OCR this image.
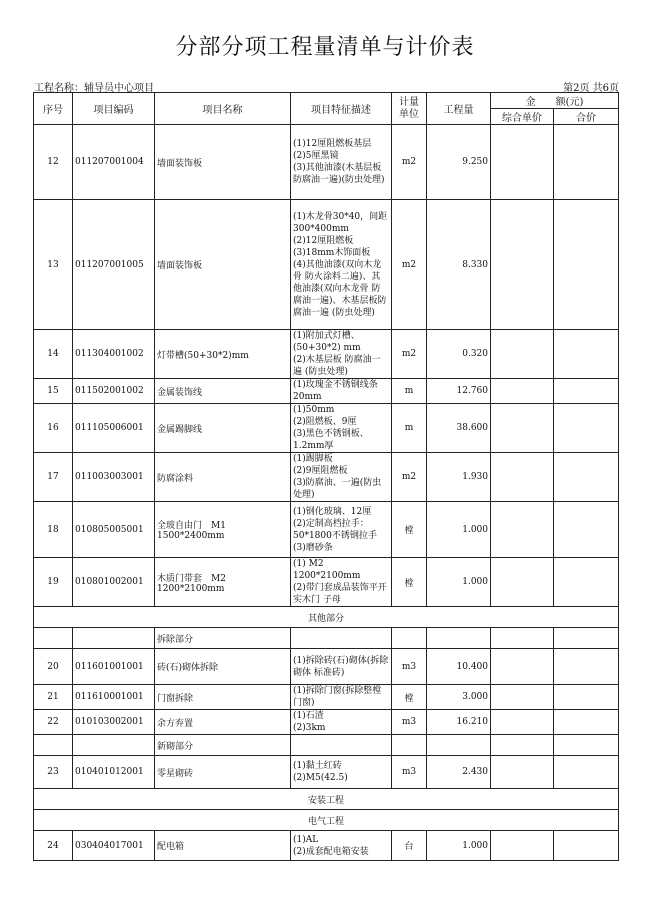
分部分项工程量清单与计价表
工程名称：辅导员中心项目	第2页 共6页
序号	项目编码	项目名称	项目特征描述	计量
单位	工程量	金　　额(元)	
						综合单价	合价
12	011207001004	墙面装饰板	(1)12厘阻燃板基层
(2)5厘黑镜
(3)其他油漆(木基层板防腐油一遍)(防虫处理)	m2	9.250		
13	011207001005	墙面装饰板	(1)木龙骨30*40，间距300*400mm
(2)12厘阻燃板
(3)18mm木饰面板
(4)其他油漆(双向木龙骨 防火涂料二遍)、其他油漆(双向木龙骨 防腐油一遍)、木基层板防腐油一遍 (防虫处理)	m2	8.330		
14	011304001002	灯带槽(50+30*2)mm	(1)附加式灯槽、(50+30*2) mm
(2)木基层板 防腐油一遍 (防虫处理)	m2	0.320		
15	011502001002	金属装饰线	(1)玫瑰金不锈钢线条20mm	m	12.760		
16	011105006001	金属踢脚线	(1)50mm
(2)阻燃板、9厘
(3)黑色不锈钢板、1.2mm厚	m	38.600		
17	011003003001	防腐涂料	(1)踢脚板
(2)9厘阻燃板
(3)防腐油、一遍(防虫处理)	m2	1.930		
18	010805005001	全玻自由门　M1 1500*2400mm	(1)钢化玻璃、12厘
(2)定制高档拉手：50*1800不锈钢拉手
(3)磨砂条	樘	1.000		
19	010801002001	木质门带套　M2 1200*2100mm	(1) M2 1200*2100mm
(2)带门套成品装饰平开实木门 子母	樘	1.000		
其他部分							
		拆除部分					
20	011601001001	砖(石)砌体拆除	(1)拆除砖(石)砌体(拆除砌体 标准砖)	m3	10.400		
21	011610001001	门窗拆除	(1)拆除门窗(拆除整樘门窗)	樘	3.000		
22	010103002001	余方弃置	(1)石渣
(2)3km	m3	16.210		
		新砌部分					
23	010401012001	零星砌砖	(1)黏土红砖
(2)M5(42.5)	m3	2.430		
安装工程							
电气工程							
24	030404017001	配电箱	(1)AL
(2)成套配电箱安装	台	1.000		
